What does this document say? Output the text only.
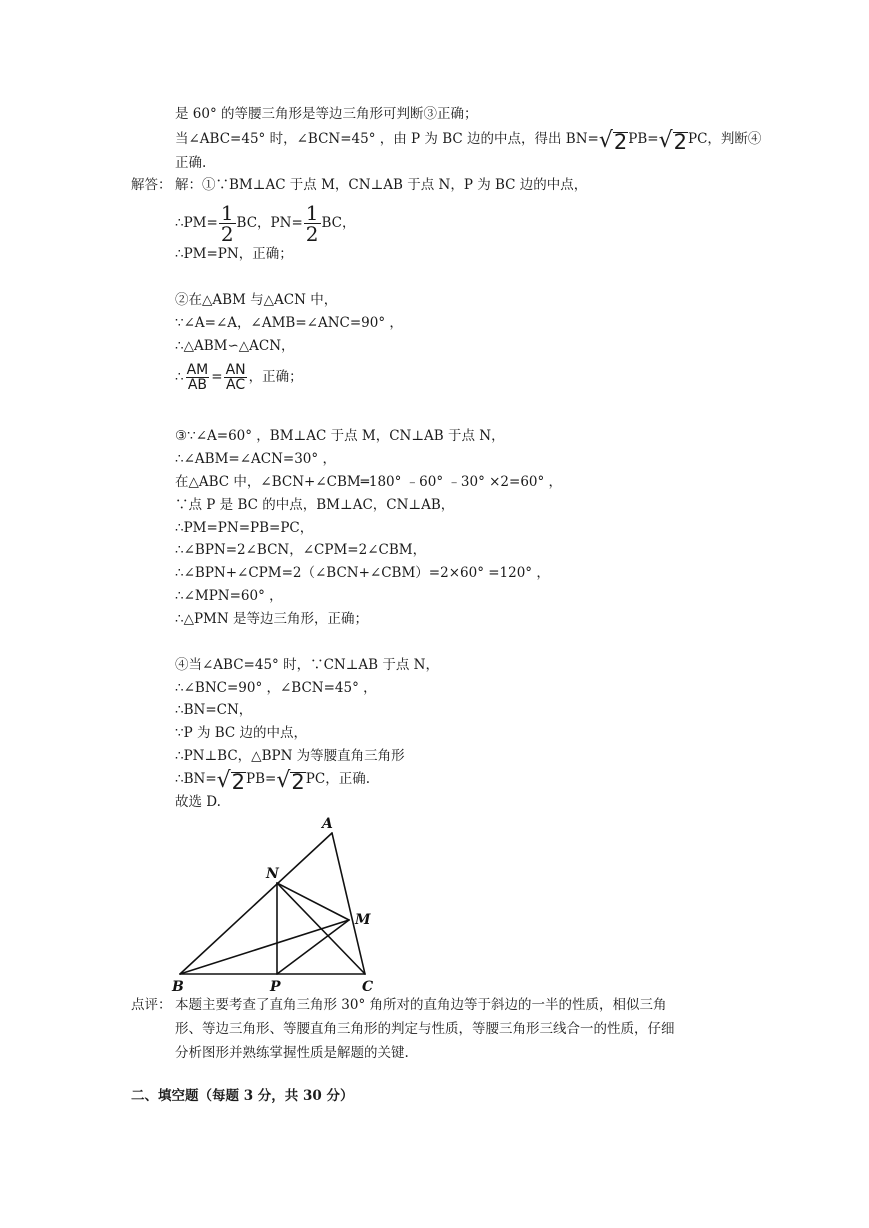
是 60° 的等腰三角形是等边三角形可判断③正确；
当∠ABC=45° 时，∠BCN=45° ，由 P 为 BC 边的中点，得出 BN= √ 2 PB= √ 2 PC，判断④
正确.
解答： 解：①∵BM⊥AC 于点 M，CN⊥AB 于点 N，P 为 BC 边的中点，
∴PM= $\frac{1}{2}$ BC，$PN= \frac{1}{2}$ BC，
∴PM=PN，正确；
②在△ABM 与△ACN 中，
∵∠A=∠A，∠AMB=∠ANC=90° ，
∴△ABM∽△ACN，
∴ $\frac{AM}{AB} = \frac{AN}{AC}$ ，正确；
③∵∠A=60° ，BM⊥AC 于点 M，CN⊥AB 于点 N，
∴∠ABM=∠ACN=30° ，
在△ABC 中，∠BCN+∠CBM═180° ﹣60° ﹣30° ×2=60° ，
∵点 P 是 BC 的中点，BM⊥AC，CN⊥AB，
∴PM=PN=PB=PC，
∴∠BPN=2∠BCN，∠CPM=2∠CBM，
∴∠BPN+∠CPM=2（∠BCN+∠CBM）=2×60° =120° ，
∴∠MPN=60° ，
∴△PMN 是等边三角形，正确；
④当∠ABC=45° 时，∵CN⊥AB 于点 N，
∴∠BNC=90° ，∠BCN=45° ，
∴BN=CN，
∵P 为 BC 边的中点，
∴PN⊥BC，△BPN 为等腰直角三角形
∴BN= √ 2 PB= √ 2 PC，正确.
故选 D.
A
N
M
B	P	C
点评： 本题主要考查了直角三角形 30° 角所对的直角边等于斜边的一半的性质，相似三角
形、等边三角形、等腰直角三角形的判定与性质，等腰三角形三线合一的性质，仔细
分析图形并熟练掌握性质是解题的关键.
二、填空题（每题 3 分，共 30 分）
